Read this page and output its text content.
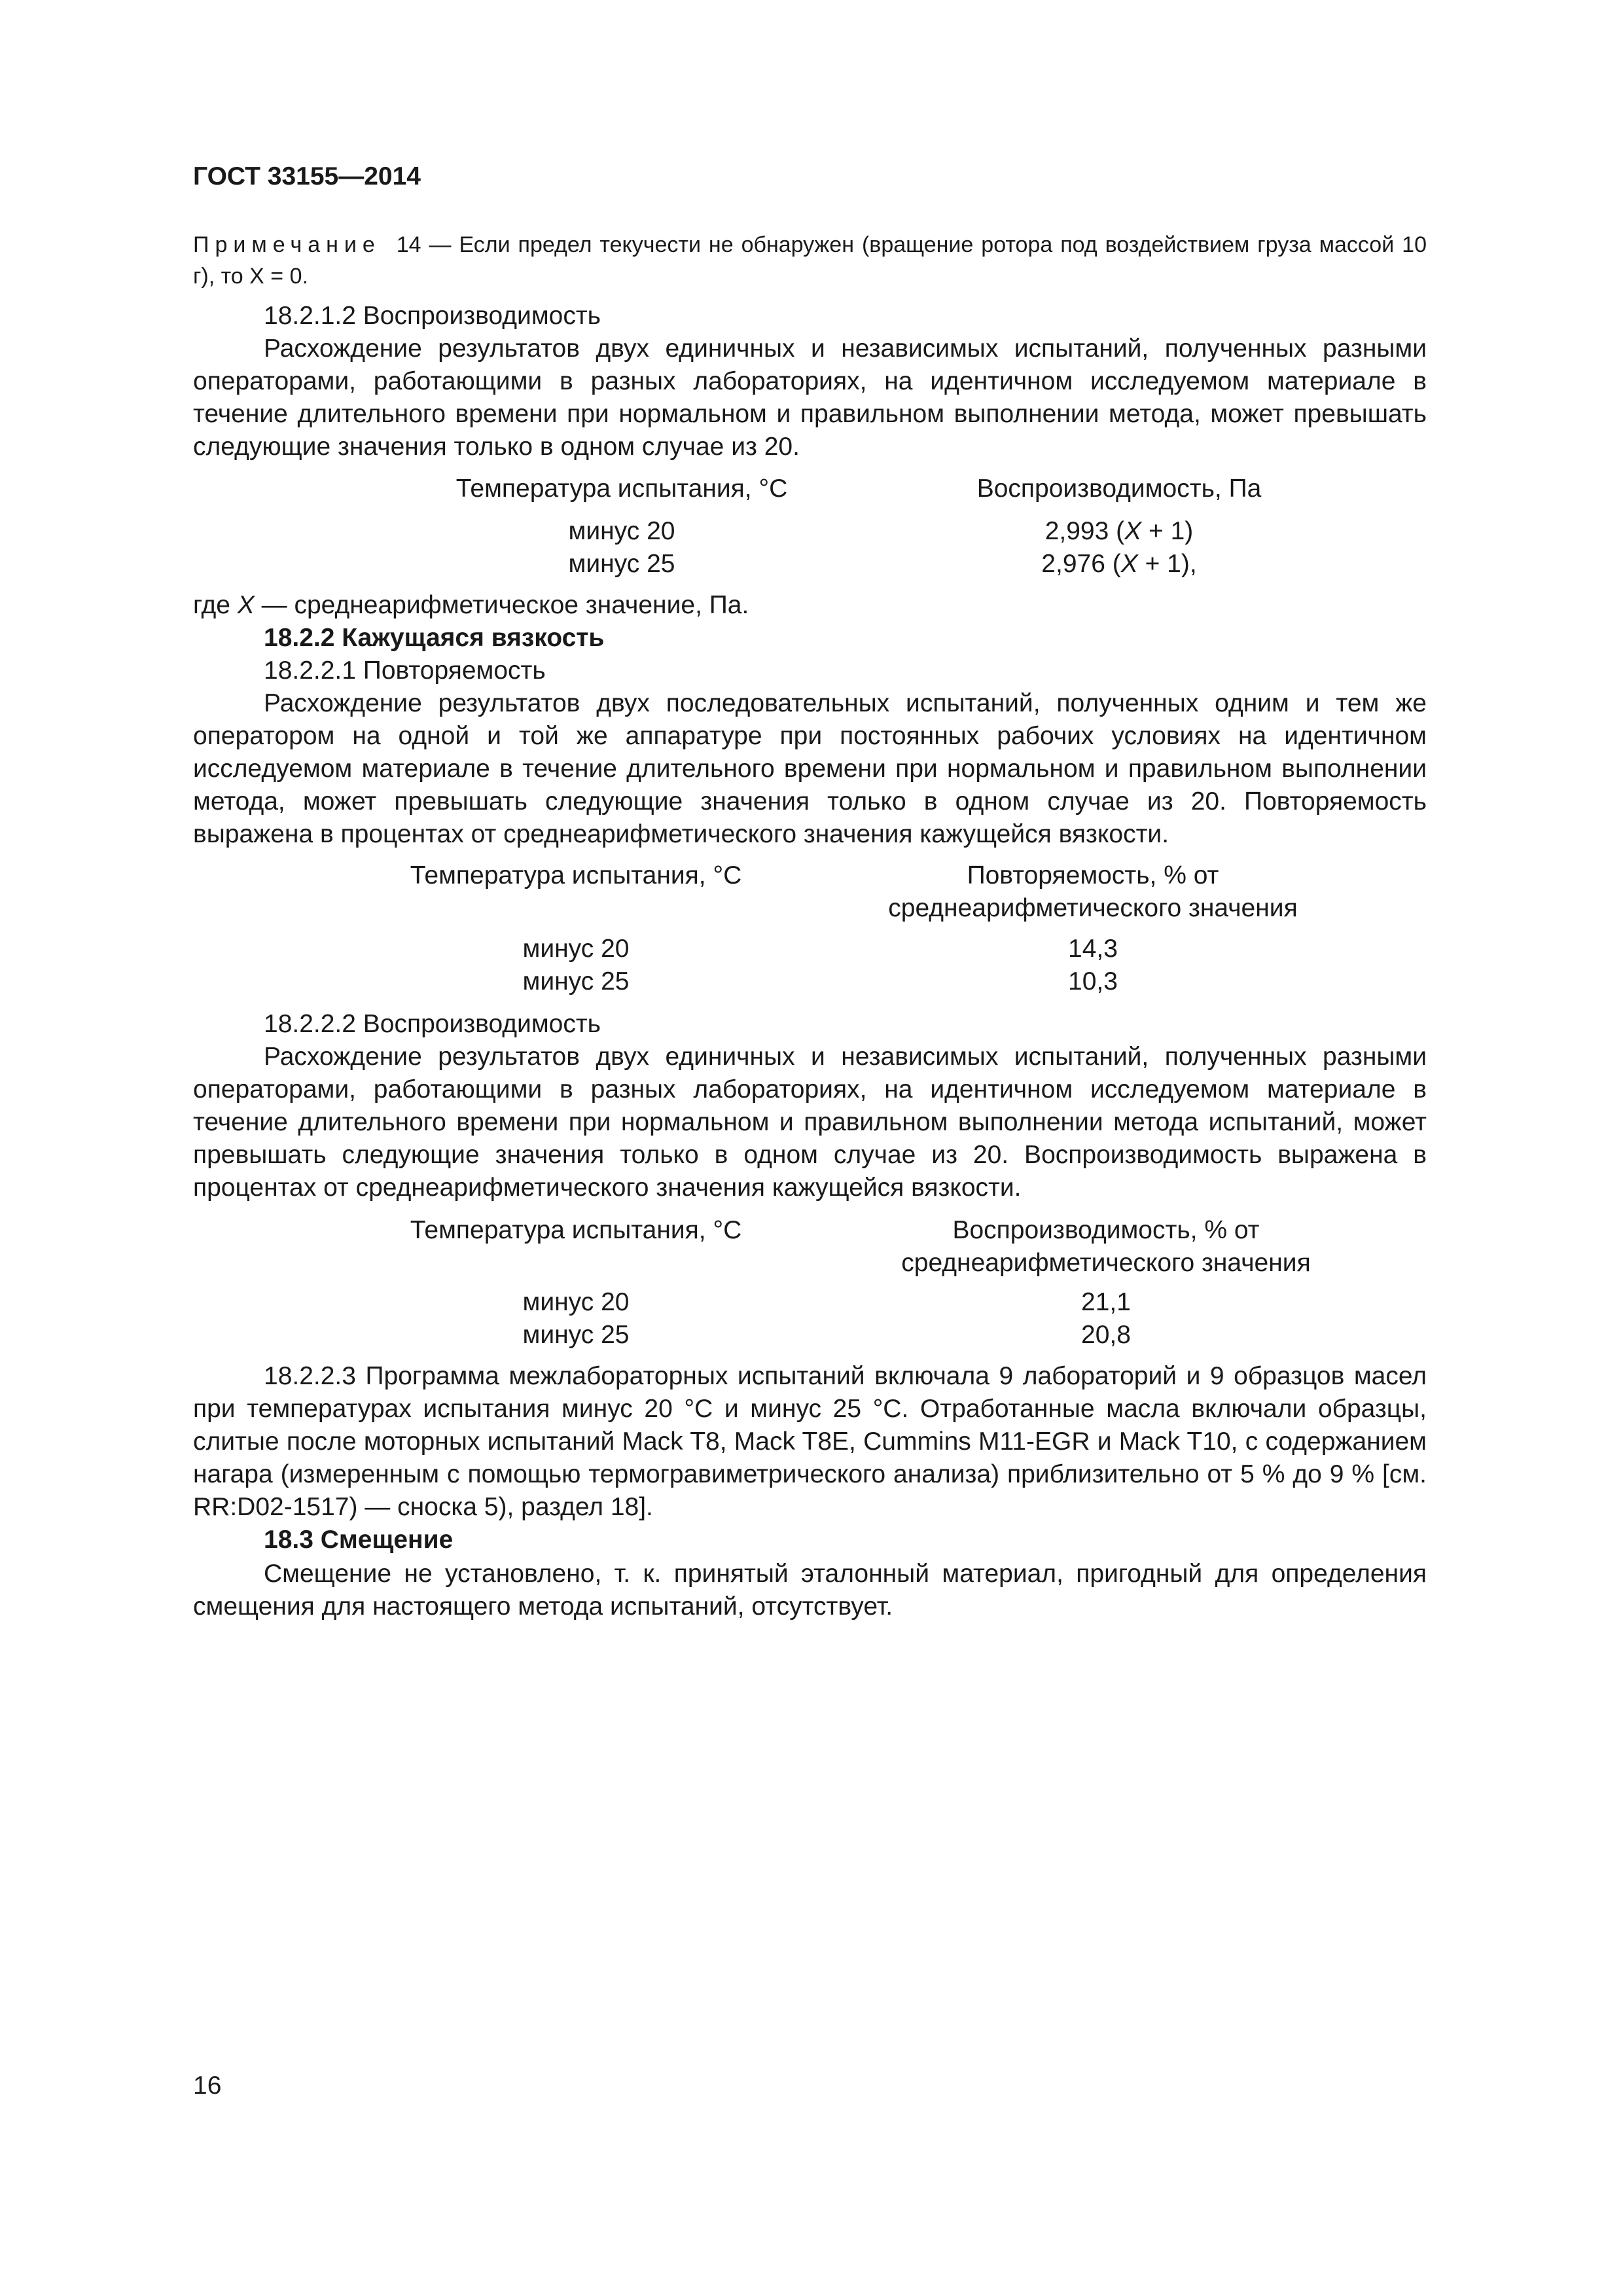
ГОСТ 33155—2014

Примечание 14 — Если предел текучести не обнаружен (вращение ротора под воздействием груза массой 10 г), то X = 0.

18.2.1.2 Воспроизводимость

Расхождение результатов двух единичных и независимых испытаний, полученных разными операторами, работающими в разных лабораториях, на идентичном исследуемом материале в течение длительного времени при нормальном и правильном выполнении метода, может превышать следующие значения только в одном случае из 20.

Температура испытания, °С	Воспроизводимость, Па
минус 20	2,993 (X + 1)
минус 25	2,976 (X + 1),
где X — среднеарифметическое значение, Па.
18.2.2 Кажущаяся вязкость
18.2.2.1 Повторяемость

Расхождение результатов двух последовательных испытаний, полученных одним и тем же оператором на одной и той же аппаратуре при постоянных рабочих условиях на идентичном исследуемом материале в течение длительного времени при нормальном и правильном выполнении метода, может превышать следующие значения только в одном случае из 20. Повторяемость выражена в процентах от среднеарифметического значения кажущейся вязкости.

Температура испытания, °С	Повторяемость, % от среднеарифметического значения
минус 20	14,3
минус 25	10,3
18.2.2.2 Воспроизводимость

Расхождение результатов двух единичных и независимых испытаний, полученных разными операторами, работающими в разных лабораториях, на идентичном исследуемом материале в течение длительного времени при нормальном и правильном выполнении метода испытаний, может превышать следующие значения только в одном случае из 20. Воспроизводимость выражена в процентах от среднеарифметического значения кажущейся вязкости.

Температура испытания, °С	Воспроизводимость, % от среднеарифметического значения
минус 20	21,1
минус 25	20,8

18.2.2.3 Программа межлабораторных испытаний включала 9 лабораторий и 9 образцов масел при температурах испытания минус 20 °С и минус 25 °С. Отработанные масла включали образцы, слитые после моторных испытаний Mack T8, Mack T8E, Cummins M11-EGR и Mack T10, с содержанием нагара (измеренным с помощью термогравиметрического анализа) приблизительно от 5 % до 9 % [см. RR:D02-1517) — сноска 5), раздел 18].

18.3 Смещение

Смещение не установлено, т. к. принятый эталонный материал, пригодный для определения смещения для настоящего метода испытаний, отсутствует.

16
